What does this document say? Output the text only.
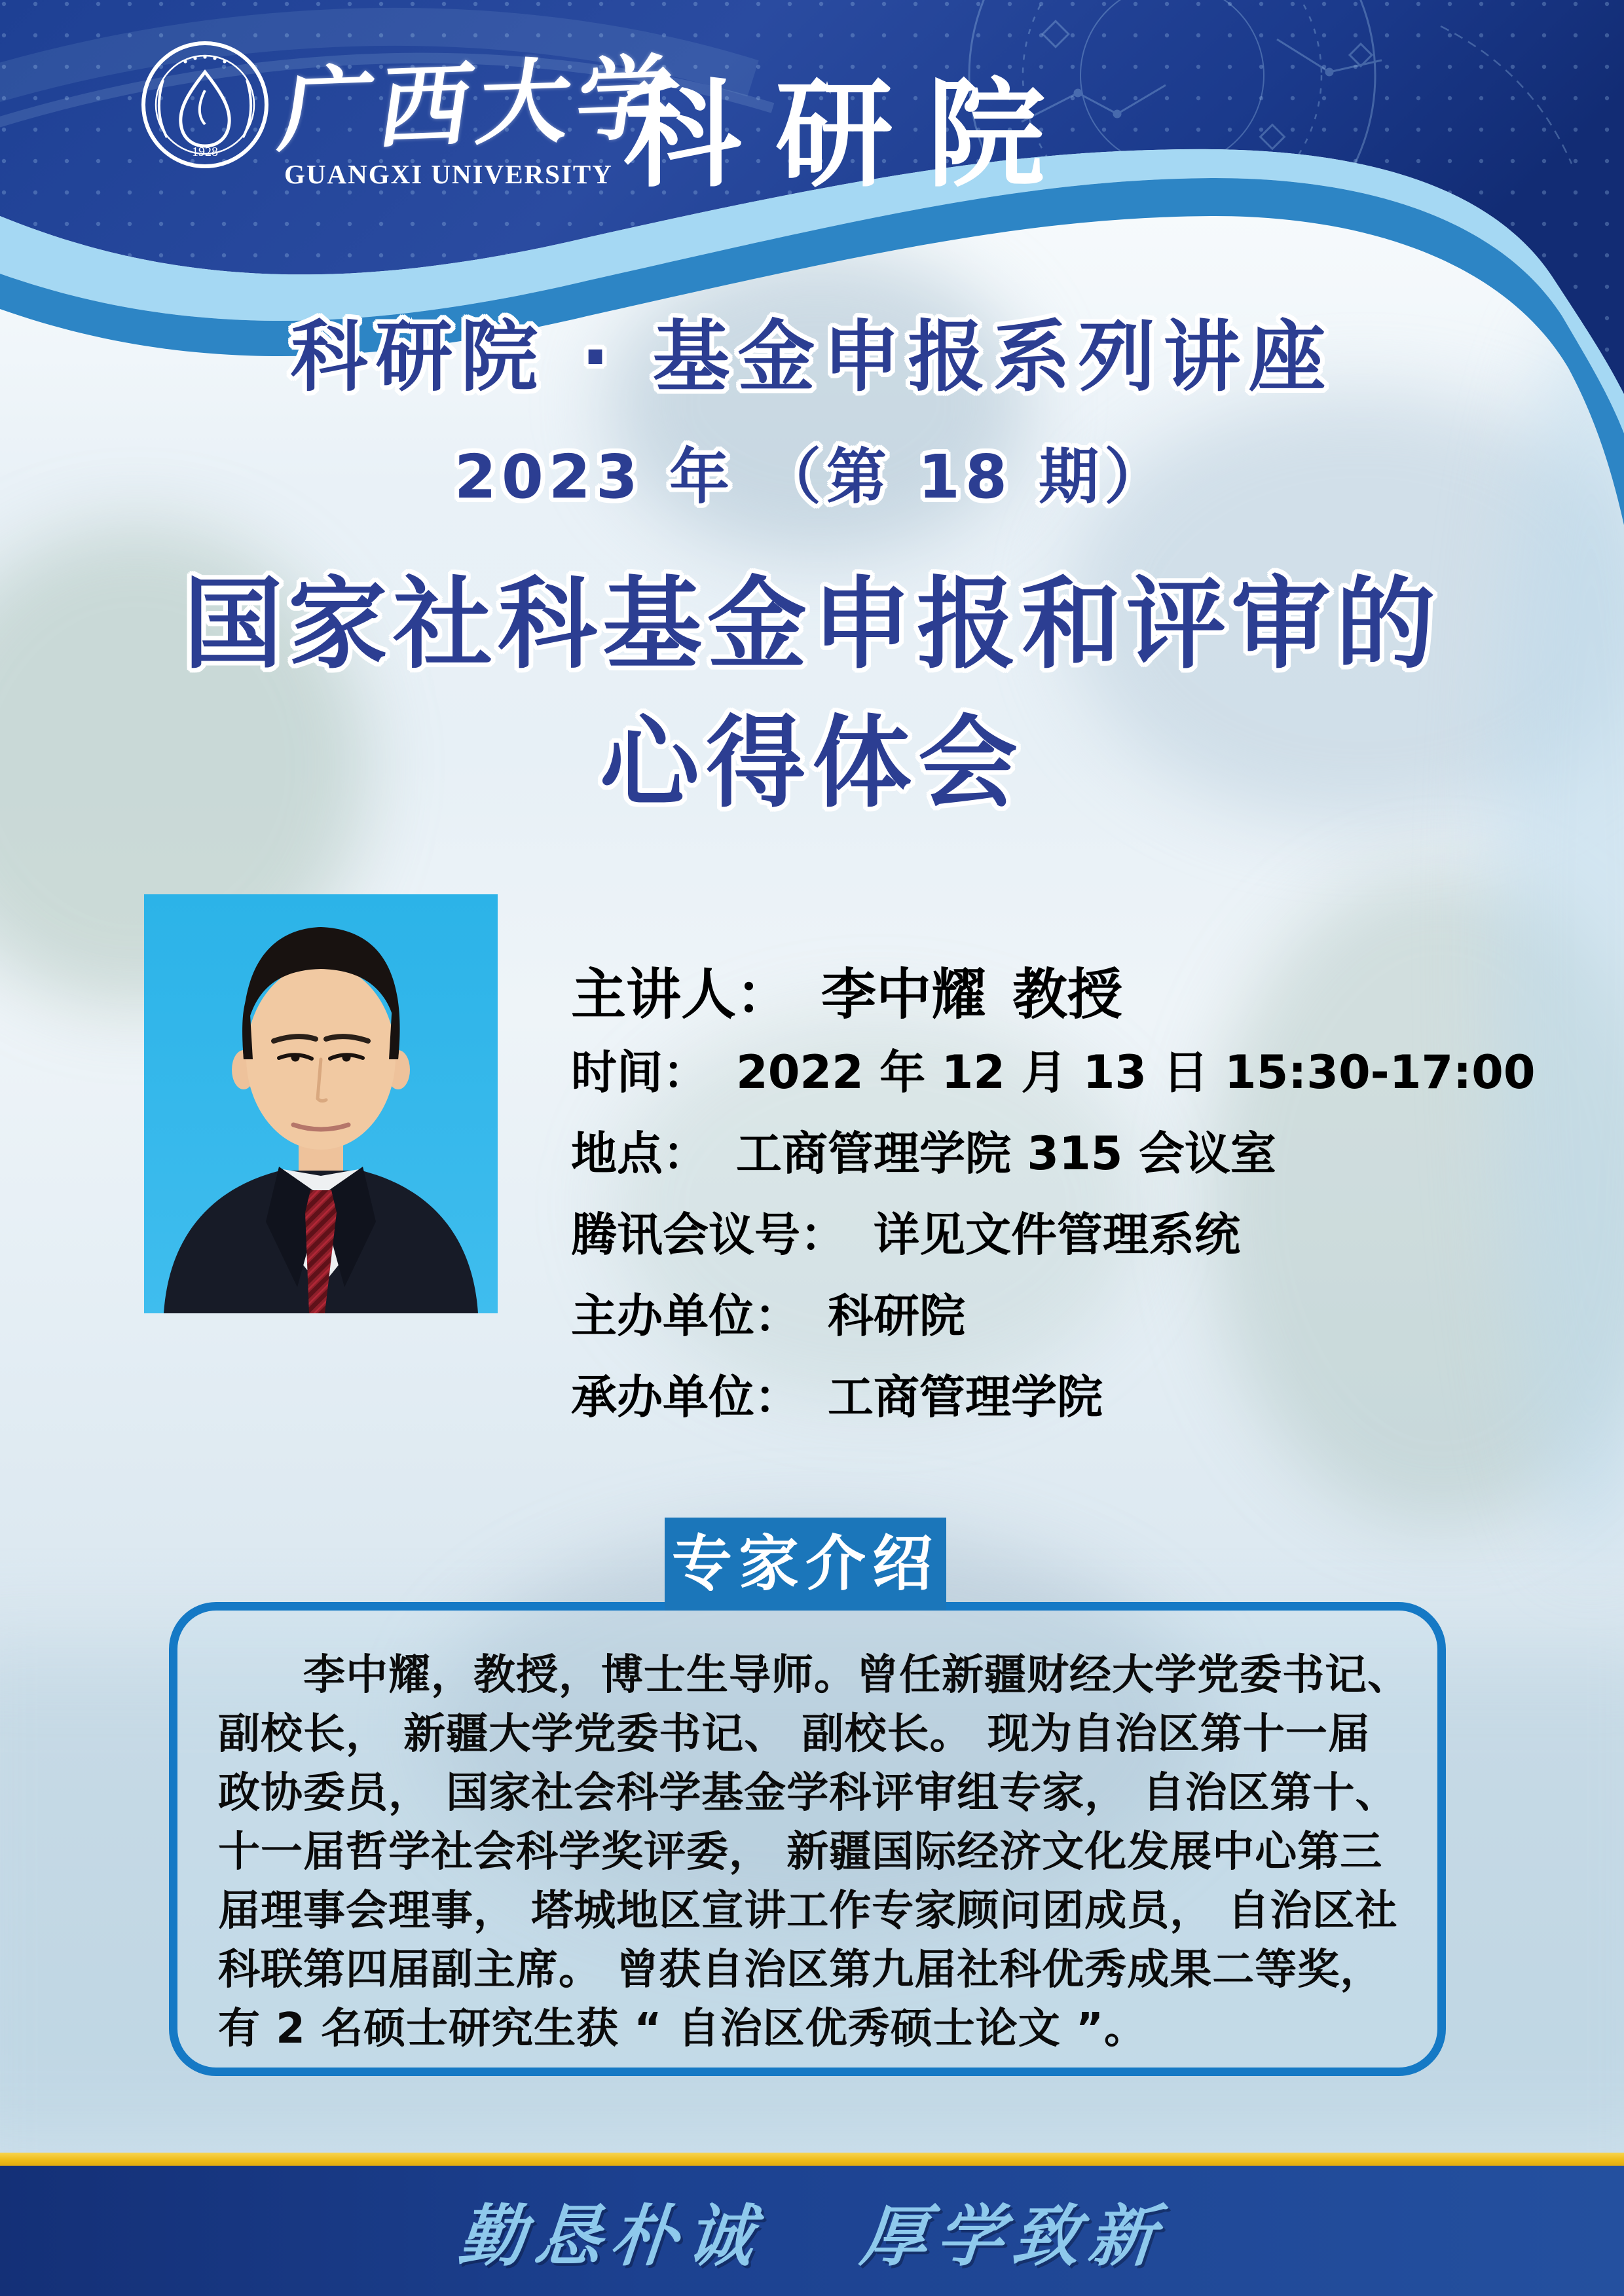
1928 广西大学
GUANGXI UNIVERSITY 科研院
科研院 · 基金申报系列讲座
2023 年 （第 18 期）
国家社科基金申报和评审的
心得体会
主讲人： 李中耀 教授
时间： 2022 年 12 月 13 日 15:30-17:00
地点： 工商管理学院 315 会议室
腾讯会议号： 详见文件管理系统
主办单位： 科研院
承办单位： 工商管理学院
专家介绍
　　李中耀，教授，博士生导师。曾任新疆财经大学党委书记、
副校长， 新疆大学党委书记、 副校长。 现为自治区第十一届
政协委员， 国家社会科学基金学科评审组专家， 自治区第十、
十一届哲学社会科学奖评委， 新疆国际经济文化发展中心第三
届理事会理事， 塔城地区宣讲工作专家顾问团成员， 自治区社
科联第四届副主席。 曾获自治区第九届社科优秀成果二等奖，
有 2 名硕士研究生获 “ 自治区优秀硕士论文 ”。
勤恳朴诚 厚学致新
